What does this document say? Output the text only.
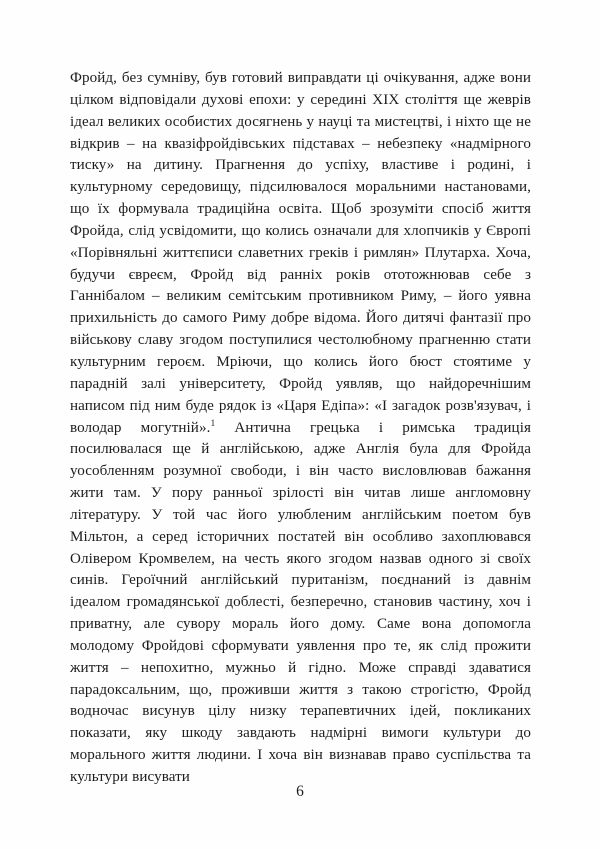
Фройд, без сумніву, був готовий виправдати ці очікування, адже вони цілком відповідали духові епохи: у середині XIX століття ще жеврів ідеал великих особистих досягнень у науці та мистецтві, і ніхто ще не відкрив – на квазіфройдівських підставах – небезпеку «надмірного тиску» на дитину. Прагнення до успіху, властиве і родині, і культурному середовищу, підсилювалося моральними настановами, що їх формувала традиційна освіта. Щоб зрозуміти спосіб життя Фройда, слід усвідомити, що колись означали для хлопчиків у Європі «Порівняльні життєписи славетних греків і римлян» Плутарха. Хоча, будучи євреєм, Фройд від ранніх років ототожнював себе з Ганнібалом – великим семітським противником Риму, – його уявна прихильність до самого Риму добре відома. Його дитячі фантазії про військову славу згодом поступилися честолюбному прагненню стати культурним героєм. Мріючи, що колись його бюст стоятиме у парадній залі університету, Фройд уявляв, що найдоречнішим написом під ним буде рядок із «Царя Едіпа»: «І загадок розв'язувач, і володар могутній».$^1$ Антична грецька і римська традиція посилювалася ще й англійською, адже Англія була для Фройда уособленням розумної свободи, і він часто висловлював бажання жити там. У пору ранньої зрілості він читав лише англомовну літературу. У той час його улюбленим англійським поетом був Мільтон, а серед історичних постатей він особливо захоплювався Олівером Кромвелем, на честь якого згодом назвав одного зі своїх синів. Героїчний англійський пуританізм, поєднаний із давнім ідеалом громадянської доблесті, безперечно, становив частину, хоч і приватну, але сувору мораль його дому. Саме вона допомогла молодому Фройдові сформувати уявлення про те, як слід прожити життя – непохитно, мужньо й гідно. Може справді здаватися парадоксальним, що, проживши життя з такою строгістю, Фройд водночас висунув цілу низку терапевтичних ідей, покликаних показати, яку шкоду завдають надмірні вимоги культури до морального життя людини. І хоча він визнавав право суспільства та культури висувати

6
